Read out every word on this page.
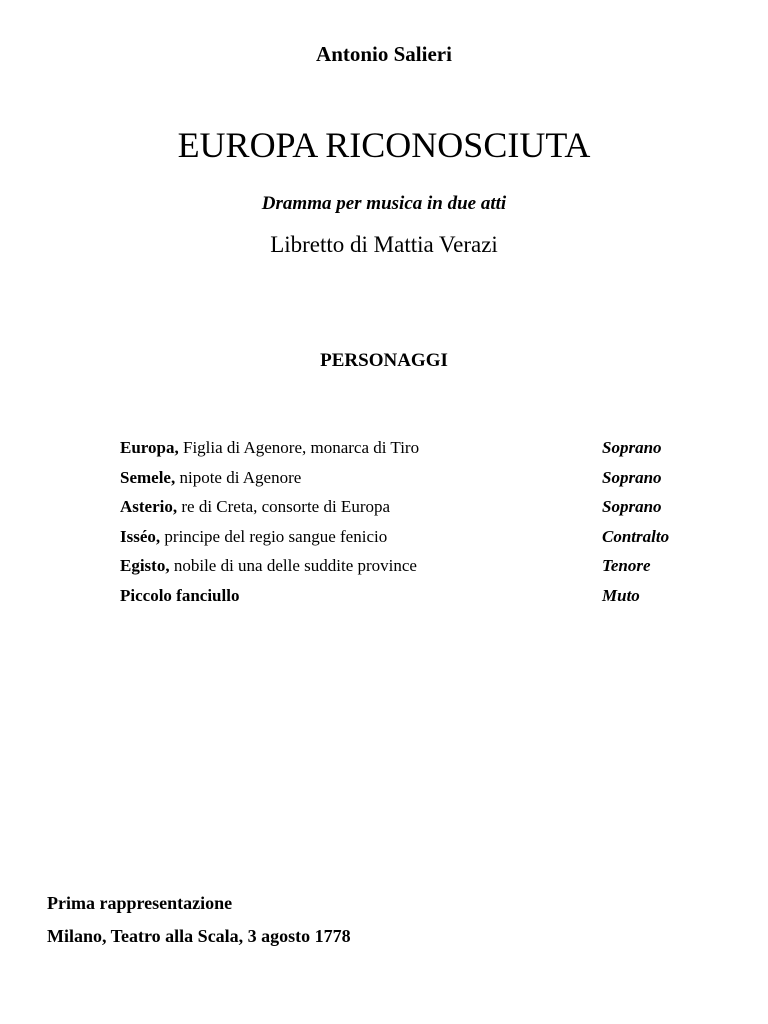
Antonio Salieri
EUROPA RICONOSCIUTA
Dramma per musica in due atti
Libretto di Mattia Verazi
PERSONAGGI
Europa, Figlia di Agenore, monarca di Tiro	Soprano
Semele, nipote di Agenore	Soprano
Asterio, re di Creta, consorte di Europa	Soprano
Isséo, principe del regio sangue fenicio	Contralto
Egisto, nobile di una delle suddite province	Tenore
Piccolo fanciullo	Muto
Prima rappresentazione
Milano, Teatro alla Scala, 3 agosto 1778
